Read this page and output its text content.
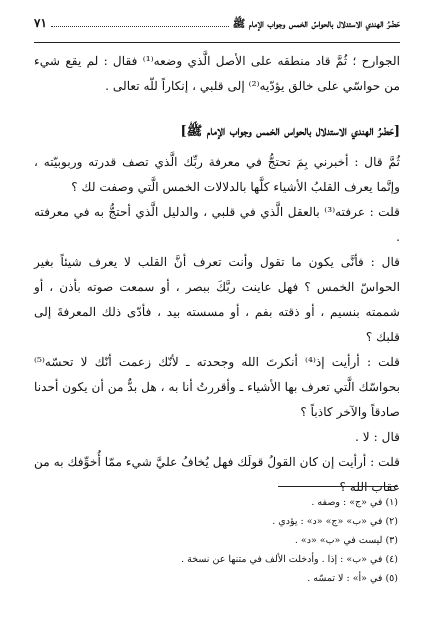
حَضْرُ الهندي الاستدلال بالحواسّ الخمس وجواب الإمام ﷺ
٧١

الجوارح ؛ ثُمَّ قاد منطقه على الأصل الَّذي وضعه⁽¹⁾ فقال : لم يقع شيء من حواسّي على خالق يؤدّيه⁽²⁾ إلى قلبي ، إنكاراً للّه تعالى .

[حَضْرُ الهندي الاستدلال بالحواس الخمس وجواب الإمام ﷺ]

ثُمَّ قال : أخبرني بِمَ تحتجُّ في معرفة ربِّك الَّذي تصف قدرته وربوبيّته ، وإنَّما يعرف القلبُ الأشياء كلَّها بالدلالات الخمس الَّتي وصفت لك ؟

قلت : عرفته⁽³⁾ بالعقل الَّذي في قلبي ، والدليل الَّذي أحتجُّ به في معرفته .

قال : فأنَّى يكون ما تقول وأنت تعرف أنَّ القلب لا يعرف شيئاً بغير الحواسّ الخمس ؟ فهل عاينت ربَّكَ ببصر ، أو سمعت صوته بأذن ، أو شممته بنسيم ، أو ذقته بفم ، أو مسسته بيد ، فأدّى ذلك المعرفةَ إلى قلبك ؟

قلت : أرأيت إذ⁽⁴⁾ أنكرتَ الله وجحدته ـ لأنّك زعمت أنّك لا تحسّه⁽⁵⁾ بحواسّك الَّتي تعرف بها الأشياء ـ وأقررتُ أنا به ، هل بدٌّ من أن يكون أحدنا صادقاً والآخر كاذباً ؟

قال : لا .

قلت : أرأيت إن كان القولُ قولَك فهل يُخافُ عليَّ شيء ممّا أُخوِّفك به من عقاب الله ؟

(١) في «ج» : وصفه .
(٢) في «ب» «ج» «د» : يؤدي .
(٣) ليست في «ب» «د» .
(٤) في «ب» : إذا . وأدخلت الألف في متنها عن نسخة .
(٥) في «أ» : لا تمسّه .
